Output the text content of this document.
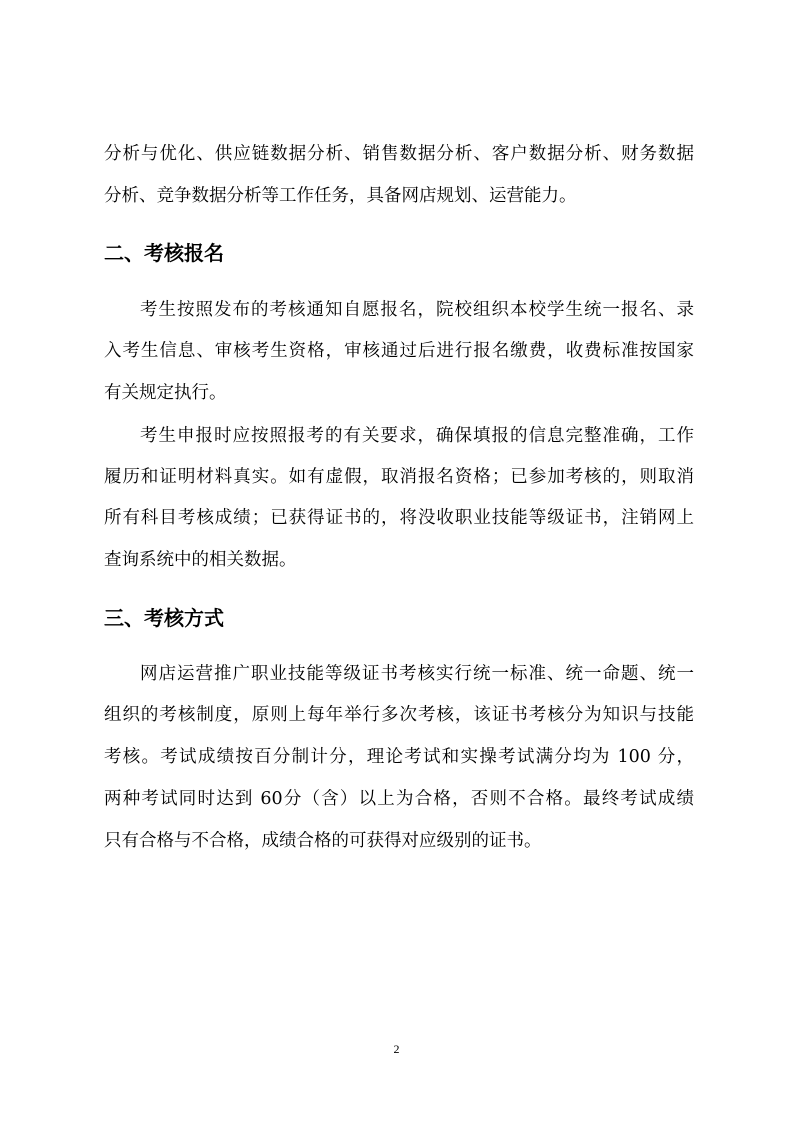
分析与优化、供应链数据分析、销售数据分析、客户数据分析、财务数据
分析、竞争数据分析等工作任务，具备网店规划、运营能力。
二、考核报名
考生按照发布的考核通知自愿报名，院校组织本校学生统一报名、录
入考生信息、审核考生资格，审核通过后进行报名缴费，收费标准按国家
有关规定执行。
考生申报时应按照报考的有关要求，确保填报的信息完整准确，工作
履历和证明材料真实。如有虚假，取消报名资格；已参加考核的，则取消
所有科目考核成绩；已获得证书的，将没收职业技能等级证书，注销网上
查询系统中的相关数据。
三、考核方式
网店运营推广职业技能等级证书考核实行统一标准、统一命题、统一
组织的考核制度，原则上每年举行多次考核，该证书考核分为知识与技能
考核。考试成绩按百分制计分，理论考试和实操考试满分均为 100 分，
两种考试同时达到 60分（含）以上为合格，否则不合格。最终考试成绩
只有合格与不合格，成绩合格的可获得对应级别的证书。
2
